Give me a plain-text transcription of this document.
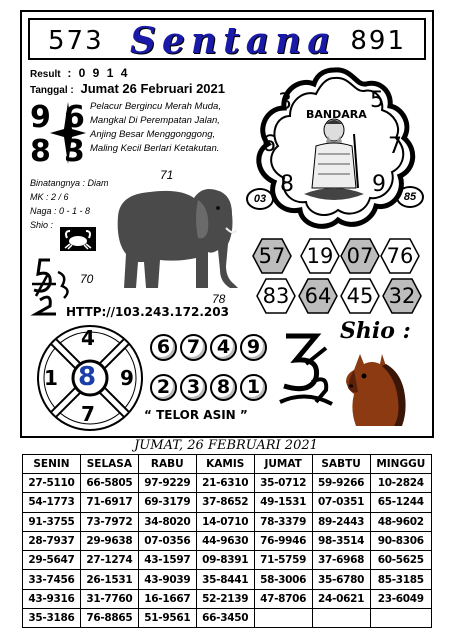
573 Sentana 891
Result : 0 9 1 4
Tanggal : Jumat 26 Februari 2021
9 6
8 3
Pelacur Bergincu Merah Muda,
Mangkal Di Perempatan Jalan,
Anjing Besar Menggonggong,
Maling Kecil Berlari Ketakutan.
Binatangnya : Diam
MK : 2 / 6
Naga : 0 - 1 - 8
Shio :
71
70
78
BANDARA
3	5
6	7
8	9
03	85
57	19 07 76
83 64 45 32
HTTP://103.243.172.203
4
1 8 9
7
6 7 4 9
2 3 8 1
“ TELOR ASIN ”
Shio :
JUMAT, 26 FEBRUARI 2021
SENIN	SELASA	RABU	KAMIS	JUMAT	SABTU	MINGGU
27-5110	66-5805	97-9229	21-6310	35-0712	59-9266	10-2824
54-1773	71-6917	69-3179	37-8652	49-1531	07-0351	65-1244
91-3755	73-7972	34-8020	14-0710	78-3379	89-2443	48-9602
28-7937	29-9638	07-0356	44-9630	76-9946	98-3514	90-8306
29-5647	27-1274	43-1597	09-8391	71-5759	37-6968	60-5625
33-7456	26-1531	43-9039	35-8441	58-3006	35-6780	85-3185
43-9316	31-7760	16-1667	52-2139	47-8706	24-0621	23-6049
35-3186	76-8865	51-9561	66-3450			
